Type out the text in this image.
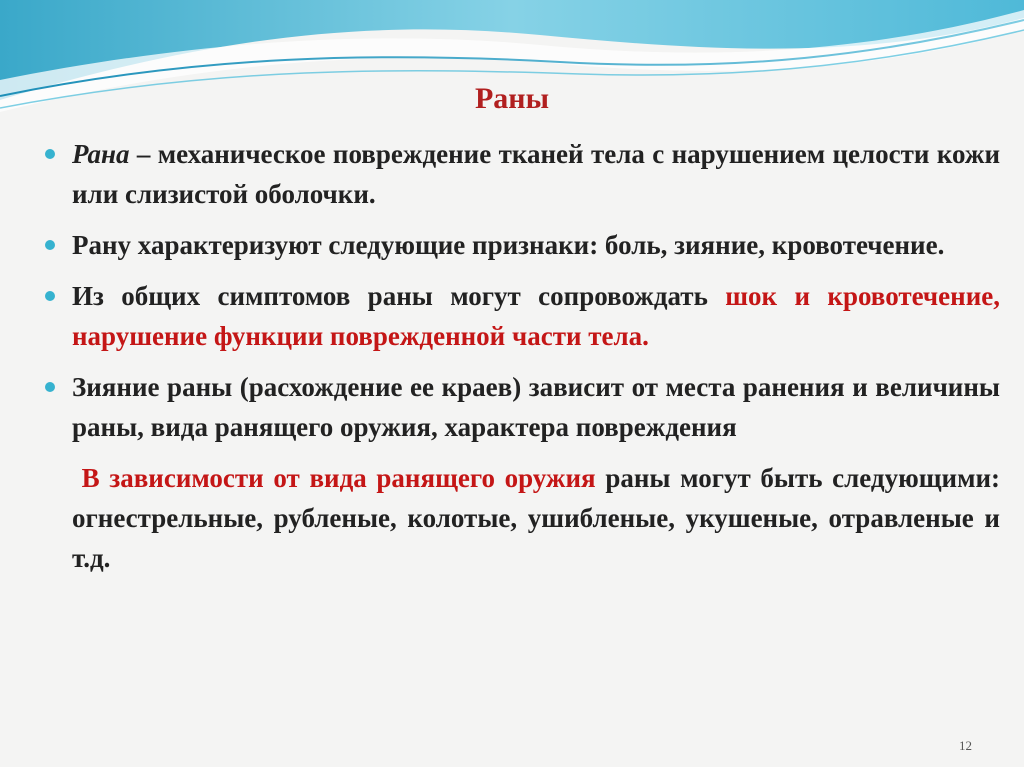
Раны
Рана – механическое повреждение тканей тела с нарушением целости кожи или слизистой оболочки.
Рану характеризуют следующие признаки: боль, зияние, кровотечение.
Из общих симптомов раны могут сопровождать шок и кровотечение, нарушение функции поврежденной части тела.
Зияние раны (расхождение ее краев) зависит от места ранения и величины раны, вида ранящего оружия, характера повреждения
В зависимости от вида ранящего оружия раны могут быть следующими: огнестрельные, рубленые, колотые, ушибленые, укушеные, отравленые и т.д.
12
